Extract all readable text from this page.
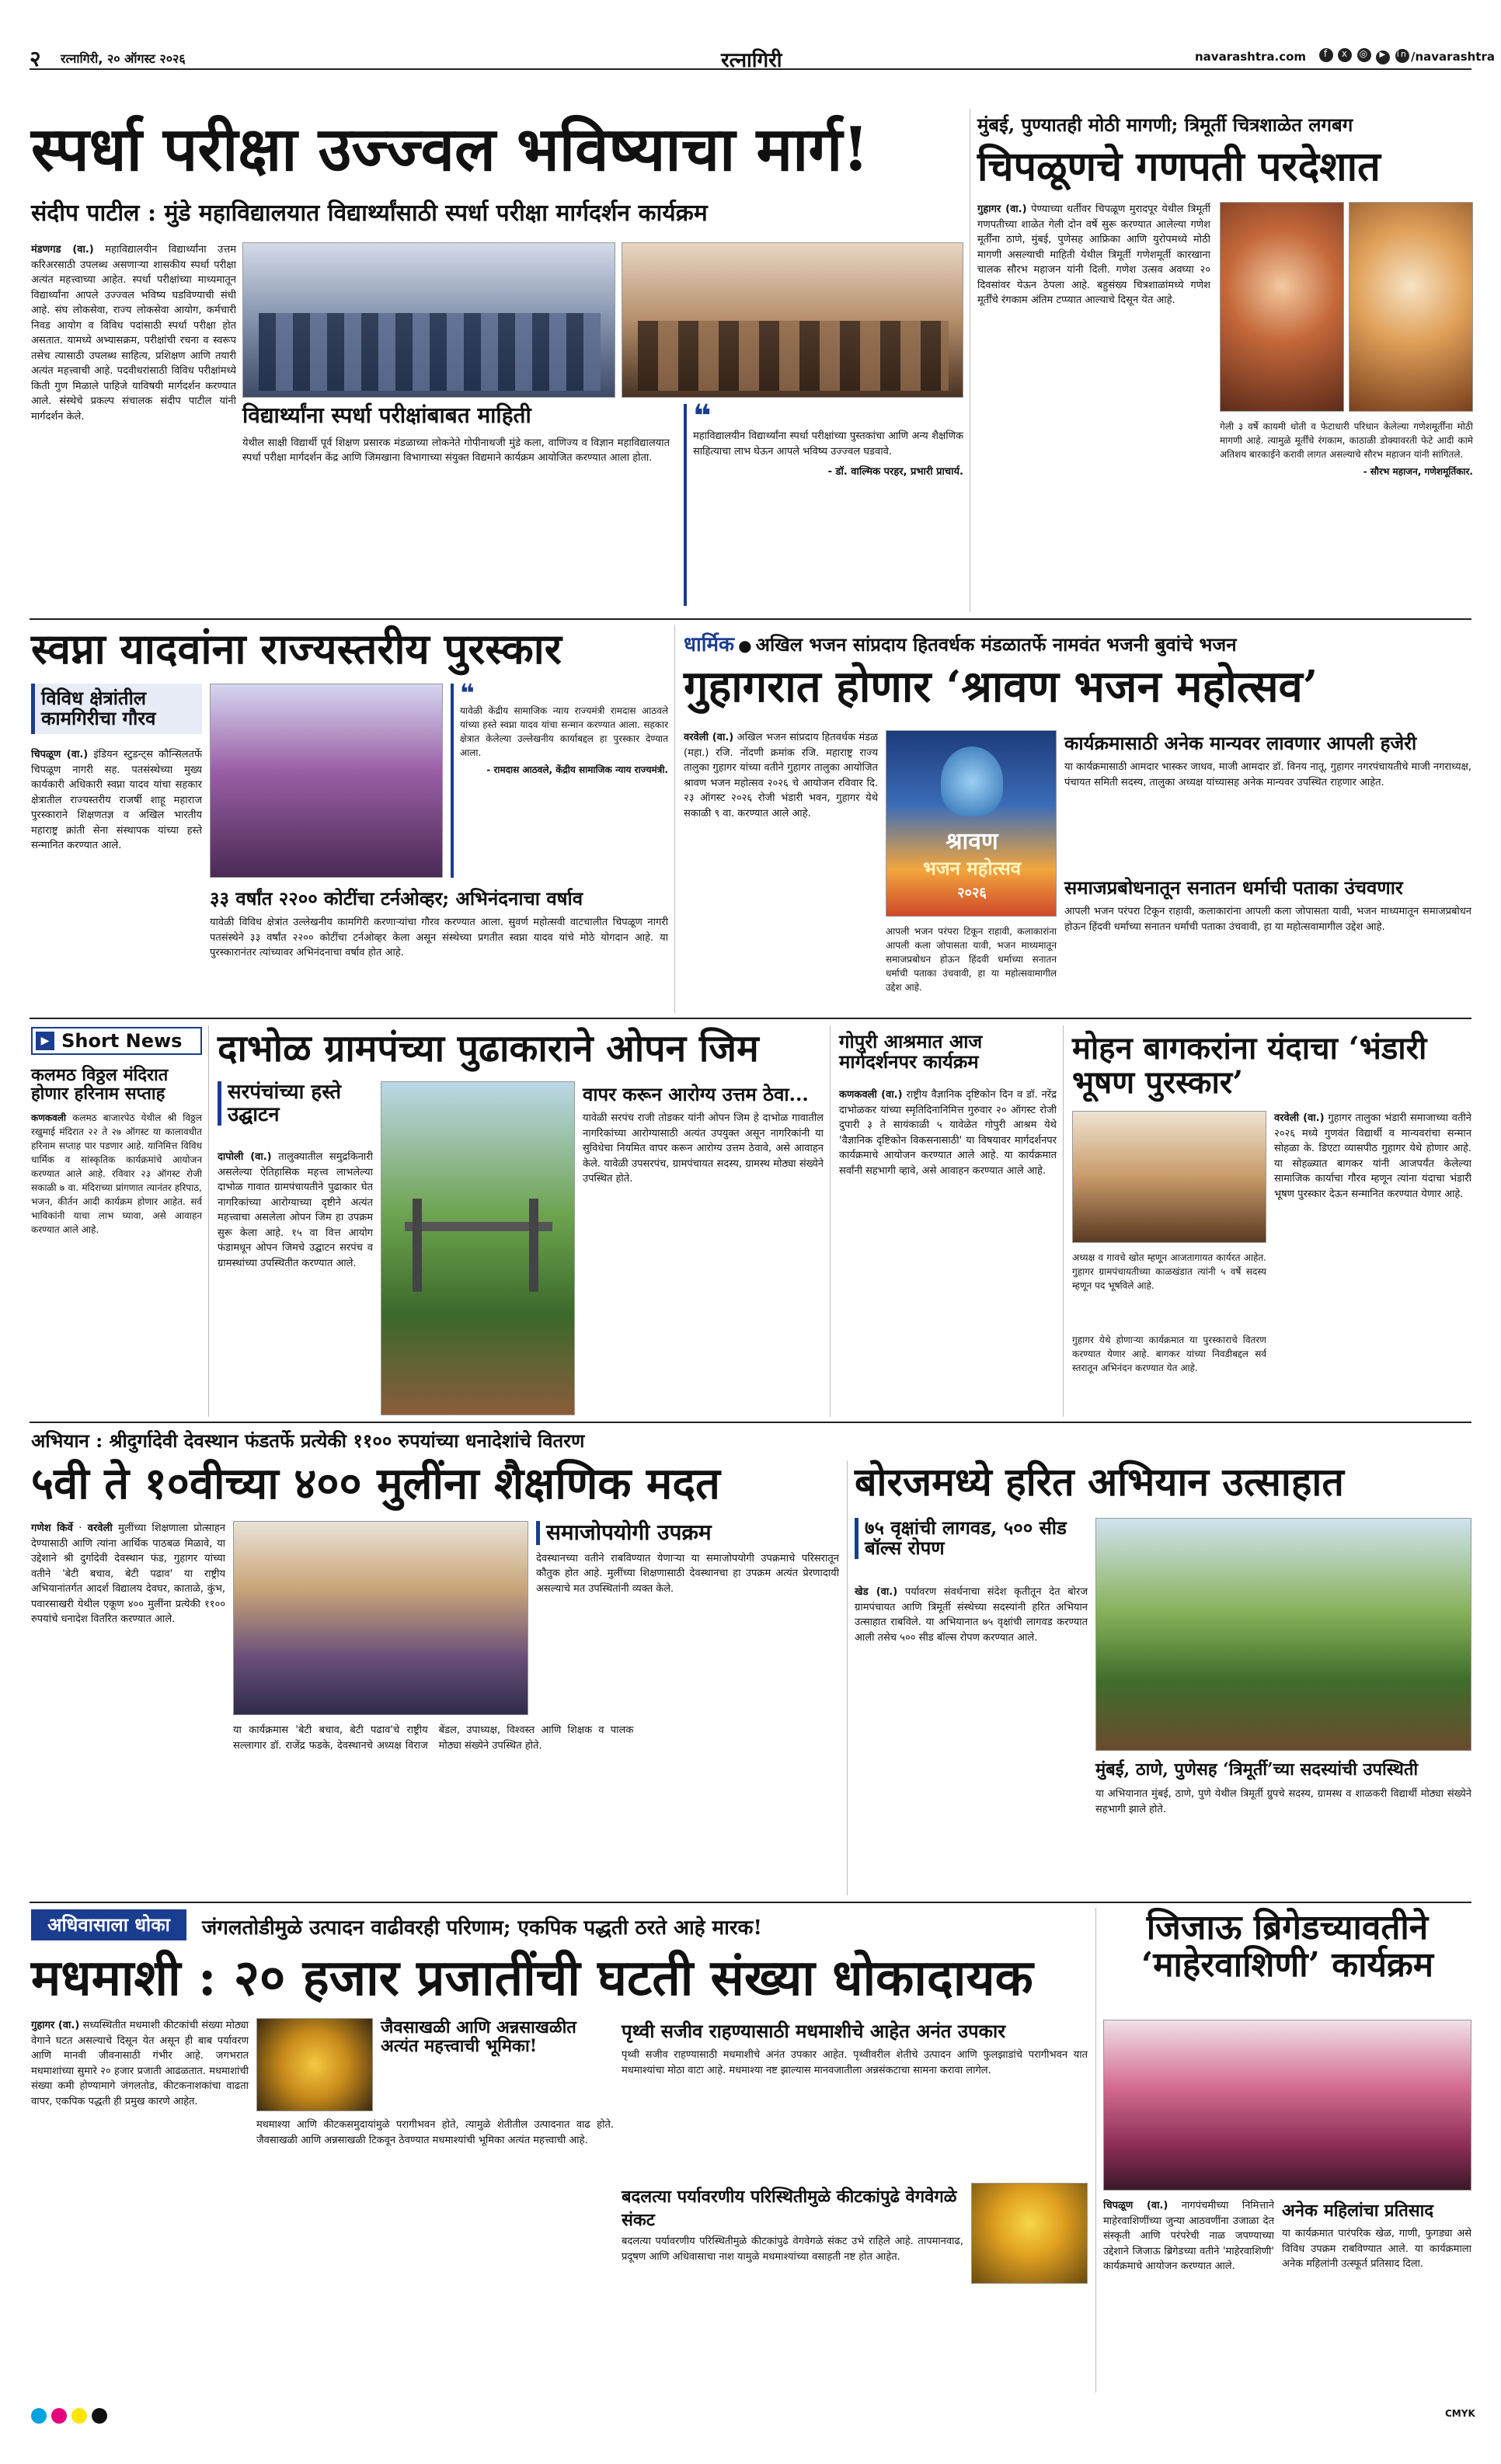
२ रत्नागिरी, २० ऑगस्ट २०२६	रत्नागिरी	navarashtra.com	f x ◎ ▶ in /navarashtra
स्पर्धा परीक्षा उज्ज्वल भविष्याचा मार्ग!
संदीप पाटील : मुंडे महाविद्यालयात विद्यार्थ्यांसाठी स्पर्धा परीक्षा मार्गदर्शन कार्यक्रम
मंडणगड (वा.) महाविद्यालयीन विद्यार्थ्यांना उत्तम करिअरसाठी उपलब्ध असणाऱ्या शासकीय स्पर्धा परीक्षा अत्यंत महत्त्वाच्या आहेत. स्पर्धा परीक्षांच्या माध्यमातून विद्यार्थ्यांना आपले उज्ज्वल भविष्य घडविण्याची संधी आहे. संघ लोकसेवा, राज्य लोकसेवा आयोग, कर्मचारी निवड आयोग व विविध पदांसाठी स्पर्धा परीक्षा होत असतात. यामध्ये अभ्यासक्रम, परीक्षांची रचना व स्वरूप तसेच त्यासाठी उपलब्ध साहित्य, प्रशिक्षण आणि तयारी अत्यंत महत्त्वाची आहे. पदवीधरांसाठी विविध परीक्षांमध्ये किती गुण मिळाले पाहिजे याविषयी मार्गदर्शन करण्यात आले. संस्थेचे प्रकल्प संचालक संदीप पाटील यांनी मार्गदर्शन केले.	विद्यार्थ्यांना स्पर्धा परीक्षांबाबत माहिती
येथील साक्षी विद्यार्थी पूर्व शिक्षण प्रसारक मंडळाच्या लोकनेते गोपीनाथजी मुंडे कला, वाणिज्य व विज्ञान महाविद्यालयात स्पर्धा परीक्षा मार्गदर्शन केंद्र आणि जिमखाना विभागाच्या संयुक्त विद्यमाने कार्यक्रम आयोजित करण्यात आला होता.
❝
महाविद्यालयीन विद्यार्थ्यांना स्पर्धा परीक्षांच्या पुस्तकांचा आणि अन्य शैक्षणिक साहित्याचा लाभ घेऊन आपले भविष्य उज्ज्वल घडवावे.
- डॉ. वाल्मिक परहर, प्रभारी प्राचार्य.
मुंबई, पुण्यातही मोठी मागणी; त्रिमूर्ती चित्रशाळेत लगबग
चिपळूणचे गणपती परदेशात
गुहागर (वा.) पेण्याच्या धर्तीवर चिपळूण मुरादपूर येथील त्रिमूर्ती गणपतीच्या शाळेत गेली दोन वर्षे सुरू करण्यात आलेल्या गणेश मूर्तींना ठाणे, मुंबई, पुणेसह आफ्रिका आणि युरोपमध्ये मोठी मागणी असल्याची माहिती येथील त्रिमूर्ती गणेशमूर्ती कारखाना चालक सौरभ महाजन यांनी दिली. गणेश उत्सव अवघ्या २० दिवसांवर येऊन ठेपला आहे. बहुसंख्य चित्रशाळांमध्ये गणेश मूर्तींचे रंगकाम अंतिम टप्प्यात आल्याचे दिसून येत आहे.
गेली ३ वर्षे कायमी धोती व फेटाधारी परिधान केलेल्या गणेशमूर्तींना मोठी मागणी आहे. त्यामुळे मूर्तींचे रंगकाम, काठाळी डोक्यावरती फेटे आदी कामे अतिशय बारकाईने करावी लागत असल्याचे सौरभ महाजन यांनी सांगितले.
- सौरभ महाजन, गणेशमूर्तिकार.
स्वप्ना यादवांना राज्यस्तरीय पुरस्कार
विविध क्षेत्रांतील कामगिरीचा गौरव
चिपळूण (वा.) इंडियन स्टुडन्ट्स कौन्सिलतर्फे चिपळूण नागरी सह. पतसंस्थेच्या मुख्य कार्यकारी अधिकारी स्वप्ना यादव यांचा सहकार क्षेत्रातील राज्यस्तरीय राजर्षी शाहू महाराज पुरस्काराने शिक्षणतज्ञ व अखिल भारतीय महाराष्ट्र क्रांती सेना संस्थापक यांच्या हस्ते सन्मानित करण्यात आले.
❝
यावेळी केंद्रीय सामाजिक न्याय राज्यमंत्री रामदास आठवले यांच्या हस्ते स्वप्ना यादव यांचा सन्मान करण्यात आला. सहकार क्षेत्रात केलेल्या उल्लेखनीय कार्याबद्दल हा पुरस्कार देण्यात आला.
- रामदास आठवले, केंद्रीय सामाजिक न्याय राज्यमंत्री.
३३ वर्षांत २२०० कोटींचा टर्नओव्हर; अभिनंदनाचा वर्षाव
यावेळी विविध क्षेत्रांत उल्लेखनीय कामगिरी करणाऱ्यांचा गौरव करण्यात आला. सुवर्ण महोत्सवी वाटचालीत चिपळूण नागरी पतसंस्थेने ३३ वर्षांत २२०० कोटींचा टर्नओव्हर केला असून संस्थेच्या प्रगतीत स्वप्ना यादव यांचे मोठे योगदान आहे. या पुरस्कारानंतर त्यांच्यावर अभिनंदनाचा वर्षाव होत आहे.
धार्मिक ● अखिल भजन सांप्रदाय हितवर्धक मंडळातर्फे नामवंत भजनी बुवांचे भजन
गुहागरात होणार ‘श्रावण भजन महोत्सव’
वरवेली (वा.) अखिल भजन सांप्रदाय हितवर्धक मंडळ (महा.) रजि. नोंदणी क्रमांक रजि. महाराष्ट्र राज्य तालुका गुहागर यांच्या वतीने गुहागर तालुका आयोजित श्रावण भजन महोत्सव २०२६ चे आयोजन रविवार दि. २३ ऑगस्ट २०२६ रोजी भंडारी भवन, गुहागर येथे सकाळी ९ वा. करण्यात आले आहे.
श्रावण
भजन महोत्सव
२०२६
आपली भजन परंपरा टिकून राहावी, कलाकारांना आपली कला जोपासता यावी, भजन माध्यमातून समाजप्रबोधन होऊन हिंदवी धर्माच्या सनातन धर्माची पताका उंचवावी, हा या महोत्सवामागील उद्देश आहे.
कार्यक्रमासाठी अनेक मान्यवर लावणार आपली हजेरी
या कार्यक्रमासाठी आमदार भास्कर जाधव, माजी आमदार डॉ. विनय नातू, गुहागर नगरपंचायतीचे माजी नगराध्यक्ष, पंचायत समिती सदस्य, तालुका अध्यक्ष यांच्यासह अनेक मान्यवर उपस्थित राहणार आहेत.
समाजप्रबोधनातून सनातन धर्माची पताका उंचवणार
आपली भजन परंपरा टिकून राहावी, कलाकारांना आपली कला जोपासता यावी, भजन माध्यमातून समाजप्रबोधन होऊन हिंदवी धर्माच्या सनातन धर्माची पताका उंचवावी, हा या महोत्सवामागील उद्देश आहे.
▶ Short News
कलमठ विठ्ठल मंदिरात होणार हरिनाम सप्ताह
कणकवली कलमठ बाजारपेठ येथील श्री विठ्ठल रखुमाई मंदिरात २२ ते २७ ऑगस्ट या कालावधीत हरिनाम सप्ताह पार पडणार आहे. यानिमित्त विविध धार्मिक व सांस्कृतिक कार्यक्रमांचे आयोजन करण्यात आले आहे. रविवार २३ ऑगस्ट रोजी सकाळी ७ वा. मंदिराच्या प्रांगणात त्यानंतर हरिपाठ, भजन, कीर्तन आदी कार्यक्रम होणार आहेत. सर्व भाविकांनी याचा लाभ घ्यावा, असे आवाहन करण्यात आले आहे.
दाभोळ ग्रामपंच्या पुढाकाराने ओपन जिम
सरपंचांच्या हस्ते उद्घाटन
दापोली (वा.) तालुक्यातील समुद्रकिनारी असलेल्या ऐतिहासिक महत्त्व लाभलेल्या दाभोळ गावात ग्रामपंचायतीने पुढाकार घेत नागरिकांच्या आरोग्याच्या दृष्टीने अत्यंत महत्त्वाचा असलेला ओपन जिम हा उपक्रम सुरू केला आहे. १५ वा वित्त आयोग फंडामधून ओपन जिमचे उद्घाटन सरपंच व ग्रामस्थांच्या उपस्थितीत करण्यात आले.
वापर करून आरोग्य उत्तम ठेवा...
यावेळी सरपंच राजी तोडकर यांनी ओपन जिम हे दाभोळ गावातील नागरिकांच्या आरोग्यासाठी अत्यंत उपयुक्त असून नागरिकांनी या सुविधेचा नियमित वापर करून आरोग्य उत्तम ठेवावे, असे आवाहन केले. यावेळी उपसरपंच, ग्रामपंचायत सदस्य, ग्रामस्थ मोठ्या संख्येने उपस्थित होते.
गोपुरी आश्रमात आज मार्गदर्शनपर कार्यक्रम
कणकवली (वा.) राष्ट्रीय वैज्ञानिक दृष्टिकोन दिन व डॉ. नरेंद्र दाभोळकर यांच्या स्मृतिदिनानिमित्त गुरुवार २० ऑगस्ट रोजी दुपारी ३ ते सायंकाळी ५ यावेळेत गोपुरी आश्रम येथे 'वैज्ञानिक दृष्टिकोन विकसनासाठी' या विषयावर मार्गदर्शनपर कार्यक्रमाचे आयोजन करण्यात आले आहे. या कार्यक्रमात सर्वांनी सहभागी व्हावे, असे आवाहन करण्यात आले आहे.
मोहन बागकरांना यंदाचा ‘भंडारी भूषण पुरस्कार’
वरवेली (वा.) गुहागर तालुका भंडारी समाजाच्या वतीने २०२६ मध्ये गुणवंत विद्यार्थी व मान्यवरांचा सन्मान सोहळा के. डिएटा व्यासपीठ गुहागर येथे होणार आहे. या सोहळ्यात बागकर यांनी आजपर्यंत केलेल्या सामाजिक कार्याचा गौरव म्हणून त्यांना यंदाचा भंडारी भूषण पुरस्कार देऊन सन्मानित करण्यात येणार आहे.
अध्यक्ष व गावचे खोत म्हणून आजतागायत कार्यरत आहेत. गुहागर ग्रामपंचायतीच्या काळखंडात त्यांनी ५ वर्षे सदस्य म्हणून पद भूषविले आहे.
गुहागर येथे होणाऱ्या कार्यक्रमात या पुरस्काराचे वितरण करण्यात येणार आहे. बागकर यांच्या निवडीबद्दल सर्व स्तरातून अभिनंदन करण्यात येत आहे.
अभियान : श्रीदुर्गादेवी देवस्थान फंडतर्फे प्रत्येकी ११०० रुपयांच्या धनादेशांचे वितरण
५वी ते १०वीच्या ४०० मुलींना शैक्षणिक मदत
गणेश किर्वे · वरवेली मुलींच्या शिक्षणाला प्रोत्साहन देण्यासाठी आणि त्यांना आर्थिक पाठबळ मिळावे, या उद्देशाने श्री दुर्गादेवी देवस्थान फंड, गुहागर यांच्या वतीने 'बेटी बचाव, बेटी पढाव' या राष्ट्रीय अभियानांतर्गत आदर्श विद्यालय देवघर, काताळे, कुंभ, पवारसाखरी येथील एकूण ४०० मुलींना प्रत्येकी ११०० रुपयांचे धनादेश वितरित करण्यात आले.
समाजोपयोगी उपक्रम
देवस्थानच्या वतीने राबविण्यात येणाऱ्या या समाजोपयोगी उपक्रमाचे परिसरातून कौतुक होत आहे. मुलींच्या शिक्षणासाठी देवस्थानचा हा उपक्रम अत्यंत प्रेरणादायी असल्याचे मत उपस्थितांनी व्यक्त केले.
या कार्यक्रमास 'बेटी बचाव, बेटी पढाव'चे राष्ट्रीय सल्लागार डॉ. राजेंद्र फडके, देवस्थानचे अध्यक्ष विराज बेंडल, उपाध्यक्ष, विश्वस्त आणि शिक्षक व पालक मोठ्या संख्येने उपस्थित होते.
बोरजमध्ये हरित अभियान उत्साहात
७५ वृक्षांची लागवड, ५०० सीड बॉल्स रोपण
खेड (वा.) पर्यावरण संवर्धनाचा संदेश कृतीतून देत बोरज ग्रामपंचायत आणि त्रिमूर्ती संस्थेच्या सदस्यांनी हरित अभियान उत्साहात राबविले. या अभियानात ७५ वृक्षांची लागवड करण्यात आली तसेच ५०० सीड बॉल्स रोपण करण्यात आले.
मुंबई, ठाणे, पुणेसह ‘त्रिमूर्ती’च्या सदस्यांची उपस्थिती
या अभियानात मुंबई, ठाणे, पुणे येथील त्रिमूर्ती ग्रुपचे सदस्य, ग्रामस्थ व शाळकरी विद्यार्थी मोठ्या संख्येने सहभागी झाले होते.
अधिवासाला धोका	जंगलतोडीमुळे उत्पादन वाढीवरही परिणाम; एकपिक पद्धती ठरते आहे मारक!
मधमाशी : २० हजार प्रजातींची घटती संख्या धोकादायक
गुहागर (वा.) सध्यस्थितीत मधमाशी कीटकांची संख्या मोठ्या वेगाने घटत असल्याचे दिसून येत असून ही बाब पर्यावरण आणि मानवी जीवनासाठी गंभीर आहे. जगभरात मधमाशांच्या सुमारे २० हजार प्रजाती आढळतात. मधमाशांची संख्या कमी होण्यामागे जंगलतोड, कीटकनाशकांचा वाढता वापर, एकपिक पद्धती ही प्रमुख कारणे आहेत.
जैवसाखळी आणि अन्नसाखळीत अत्यंत महत्त्वाची भूमिका!
मधमाश्या आणि कीटकसमुदायांमुळे परागीभवन होते, त्यामुळे शेतीतील उत्पादनात वाढ होते. जैवसाखळी आणि अन्नसाखळी टिकवून ठेवण्यात मधमाश्यांची भूमिका अत्यंत महत्त्वाची आहे.
पृथ्वी सजीव राहण्यासाठी मधमाशीचे आहेत अनंत उपकार
पृथ्वी सजीव राहण्यासाठी मधमाशीचे अनंत उपकार आहेत. पृथ्वीवरील शेतीचे उत्पादन आणि फुलझाडांचे परागीभवन यात मधमाश्यांचा मोठा वाटा आहे. मधमाश्या नष्ट झाल्यास मानवजातीला अन्नसंकटाचा सामना करावा लागेल.
बदलत्या पर्यावरणीय परिस्थितीमुळे कीटकांपुढे वेगवेगळे संकट
बदलत्या पर्यावरणीय परिस्थितीमुळे कीटकांपुढे वेगवेगळे संकट उभे राहिले आहे. तापमानवाढ, प्रदूषण आणि अधिवासाचा नाश यामुळे मधमाश्यांच्या वसाहती नष्ट होत आहेत.
जिजाऊ ब्रिगेडच्यावतीने ‘माहेरवाशिणी’ कार्यक्रम
चिपळूण (वा.) नागपंचमीच्या निमित्ताने माहेरवाशिणींच्या जुन्या आठवणींना उजाळा देत संस्कृती आणि परंपरेची नाळ जपण्याच्या उद्देशाने जिजाऊ ब्रिगेडच्या वतीने 'माहेरवाशिणी' कार्यक्रमाचे आयोजन करण्यात आले.
अनेक महिलांचा प्रतिसाद
या कार्यक्रमात पारंपरिक खेळ, गाणी, फुगड्या असे विविध उपक्रम राबविण्यात आले. या कार्यक्रमाला अनेक महिलांनी उत्स्फूर्त प्रतिसाद दिला.
CMYK
